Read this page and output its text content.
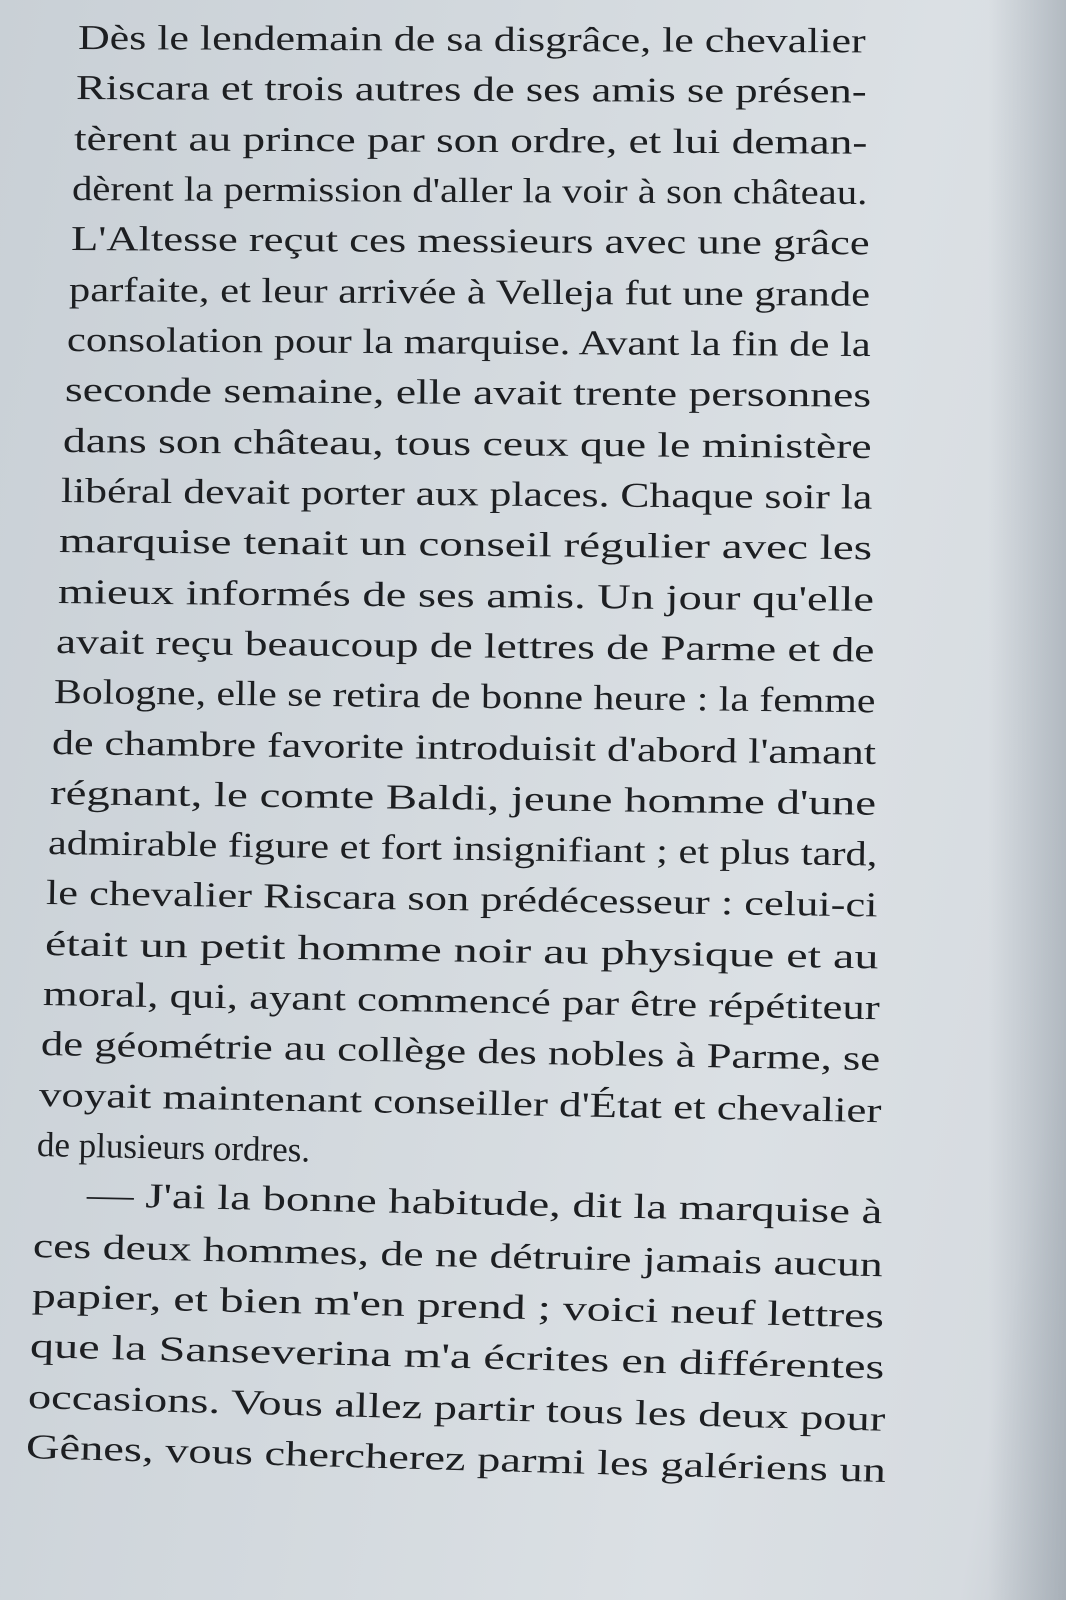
Dès le lendemain de sa disgrâce, le chevalier
Riscara et trois autres de ses amis se présen-
tèrent au prince par son ordre, et lui deman-
dèrent la permission d'aller la voir à son château.
L'Altesse reçut ces messieurs avec une grâce
parfaite, et leur arrivée à Velleja fut une grande
consolation pour la marquise. Avant la fin de la
seconde semaine, elle avait trente personnes
dans son château, tous ceux que le ministère
libéral devait porter aux places. Chaque soir la
marquise tenait un conseil régulier avec les
mieux informés de ses amis. Un jour qu'elle
avait reçu beaucoup de lettres de Parme et de
Bologne, elle se retira de bonne heure : la femme
de chambre favorite introduisit d'abord l'amant
régnant, le comte Baldi, jeune homme d'une
admirable figure et fort insignifiant ; et plus tard,
le chevalier Riscara son prédécesseur : celui-ci
était un petit homme noir au physique et au
moral, qui, ayant commencé par être répétiteur
de géométrie au collège des nobles à Parme, se
voyait maintenant conseiller d'État et chevalier
de plusieurs ordres.
— J'ai la bonne habitude, dit la marquise à
ces deux hommes, de ne détruire jamais aucun
papier, et bien m'en prend ; voici neuf lettres
que la Sanseverina m'a écrites en différentes
occasions. Vous allez partir tous les deux pour
Gênes, vous chercherez parmi les galériens un
